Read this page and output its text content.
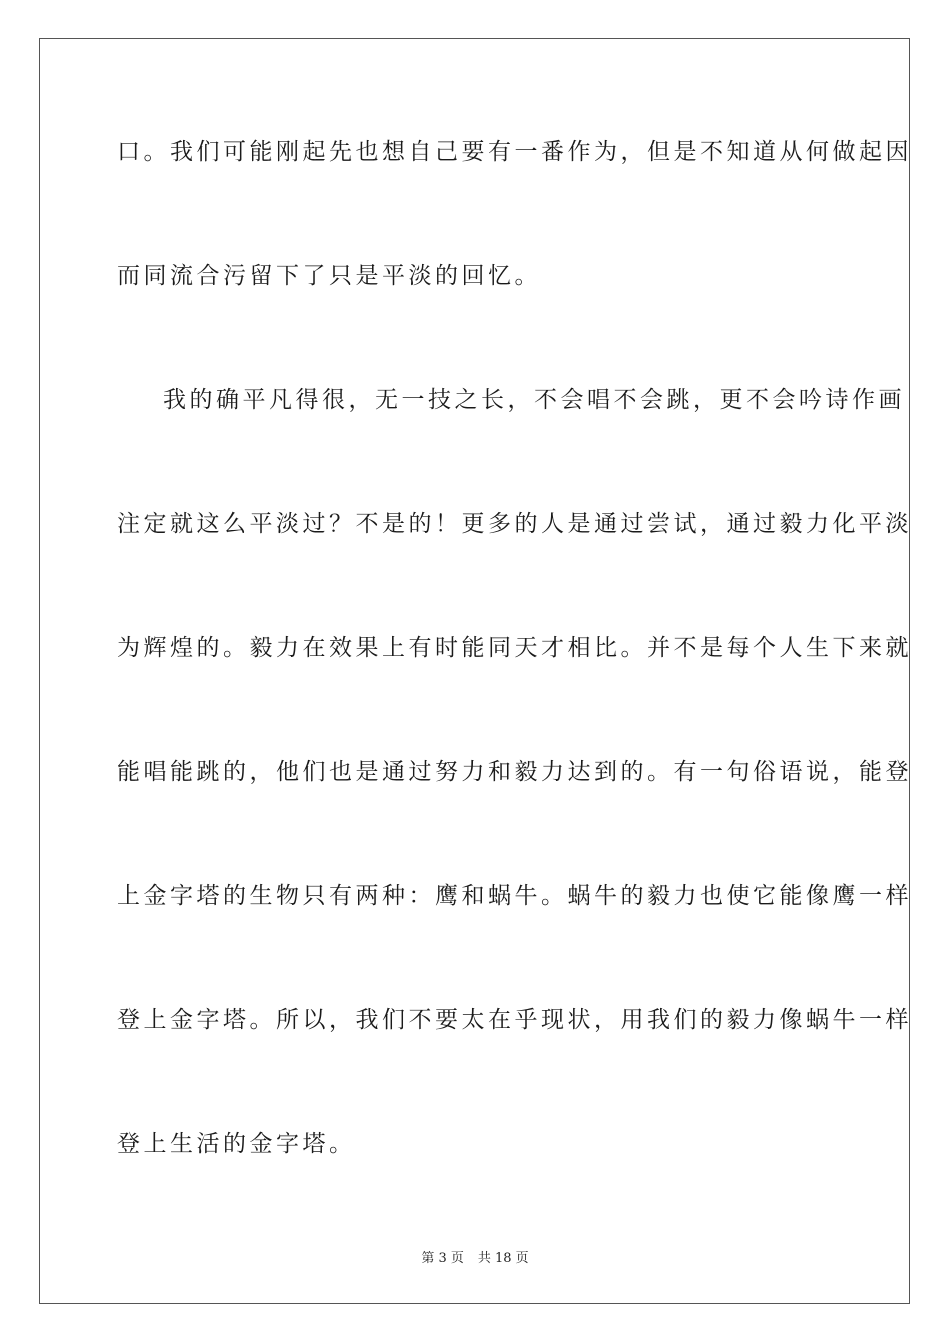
口。我们可能刚起先也想自己要有一番作为，但是不知道从何做起因
而同流合污留下了只是平淡的回忆。
我的确平凡得很，无一技之长，不会唱不会跳，更不会吟诗作画
注定就这么平淡过？不是的！更多的人是通过尝试，通过毅力化平淡
为辉煌的。毅力在效果上有时能同天才相比。并不是每个人生下来就
能唱能跳的，他们也是通过努力和毅力达到的。有一句俗语说，能登
上金字塔的生物只有两种：鹰和蜗牛。蜗牛的毅力也使它能像鹰一样
登上金字塔。所以，我们不要太在乎现状，用我们的毅力像蜗牛一样
登上生活的金字塔。
第 3 页 共 18 页
